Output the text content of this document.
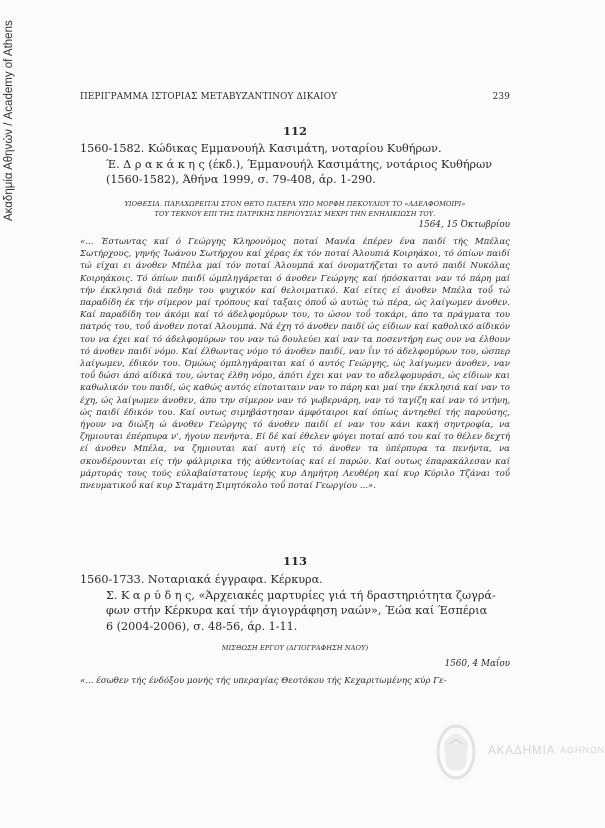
Ακαδημία Αθηνών / Academy of Athens	ΠΕΡΙΓΡΑΜΜΑ ΙΣΤΟΡΙΑΣ ΜΕΤΑΒΥΖΑΝΤΙΝΟΥ ΔΙΚΑΙΟΥ	239
112
1560-1582. Κώδικας Εμμανουήλ Κασιμάτη, νοταρίου Κυθήρων.
Έ. Δ ρ α κ ά κ η ς (έκδ.), Έμμανουήλ Κασιμάτης, νοτάριος Κυθήρων
(1560-1582), Άθήνα 1999, σ. 79-408, άρ. 1-290.
ΥΙΟΘΕΣΙΑ. ΠΑΡΑΧΩΡΕΙΤΑΙ ΣΤΟΝ ΘΕΤΟ ΠΑΤΕΡΑ ΥΠΟ ΜΟΡΦΗ ΠΕΚΟΥΛΙΟΥ ΤΟ «ΑΔΕΛΦΟΜΟΙΡΙ»
ΤΟΥ ΤΕΚΝΟΥ ΕΠΙ ΤΗΣ ΠΑΤΡΙΚΗΣ ΠΕΡΙΟΥΣΙΑΣ ΜΕΧΡΙ ΤΗΝ ΕΝΗΛΙΚΙΩΣΗ ΤΟΥ.
1564, 15 Όκτωβρίου
«... Έστωντας καί ό Γεώργης Κληρονόμος ποταί Μανέα έπέρεν ένα παιδί τής Μπέλας Σωτήρχους, γηνής Ίωάνου Σωτήρχου καί χέρας έκ τόν ποταί Άλουπιά Κοιρηάκοι, τό όπίων παιδί τώ είχαι ει άνοθεν Μπέλα μαί τόν ποταί Άλουμπά καί όνοματήζεται το αυτό παιδί Νυκόλας Κοιρηάκοις. Τό όπίων παιδί ώμπληγάρεται ό άνοθεν Γεώργης καί ήπόσκαιται ναν τό πάρη μαί τήν έκκλησιά διά πεδην του ψυχικόν καί θελοιματικό. Καί είτες εί άνοθεν Μπέλα τοΰ τώ παραδίδη έκ τήν σίμερον μαί τρόπους καί ταξαις όποΰ ώ αυτώς τώ πέρα, ώς λαίγωμεν άνοθεν. Καί παραδίδη τον άκόμι καί τό άδελφομύρων του, το ώσον τοΰ τοκάρι, άπο τα πράγματα του πατρός του, τοΰ άνοθεν ποταί Άλουμπά. Νά έχη τό άνοθεν παιδί ώς είδιων καί καθολικό αίδικόν του να έχει καί τό άδελφομύρων του ναν τώ δουλεύει καί ναν τα ποσεντήρη εως ουν να έλθουν τό άνοθεν παιδί νόμο. Καί έλθωντας νόμο τό άνοθεν παιδί, ναν ΐιν τό άδελφομύρων του, ώσπερ λαίγωμεν, έδικόν του. Όμώως όμπληγάραιται καί ό αυτός Γεώργης, ώς λαίγωμεν άνοθεν, ναν τοΰ δώσι άπό αίδικά του, ώντας έλθη νόμο, άπότι έχει και ναν το αδελφομυράσι, ώς είδιων και καθωλικόν του παιδί, ώς καθώς αυτός είποταιταιν ναν το πάρη και μαί την έκκλησιά καί ναν το έχη, ώς λαίγωμεν άνοθεν, άπο την σίμερον ναν τό γωβερνάρη, ναν τό ταγίζη καί ναν τό ντήνη, ώς παιδί έδικόν του. Καί ουτως σιμηβάστησαν άμφόταιροι καί όπίως άντηεθεί τής παρούσης, ήγουν να διώξη ώ άνοθεν Γεώργης τό άνοθεν παιδί εί ναν του κάνι κακή σηντροφία, να ζημιουται έπέρπυρα ν', ήγουν πενήντα. Εί δέ καί έθελεν φύγει ποταί από του καί το θέλεν δεχτή εί άνοθεν Μπέλα, να ζημιουται καί αυτή είς τό άνοθεν τα ύπέρπυρα τα πενήντα, να σκονδέρουνται είς τήν φάλμιρικα τής αύθεντοίας καί εί παρών. Καί ουτως έπαρακάλεσαν καί μάρτυράς τους τούς εύλαβαίστατους ίερής κυρ Δημήτρη Λευθέρη καί κυρ Κύριλο Τζάναι τοΰ πνευματικοΰ καί κυρ Σταμάτη Σιμητόκολο τοΰ ποταί Γεωργίου ...».
113
1560-1733. Νοταριακά έγγραφα. Κέρκυρα.
Σ. Κ α ρ ύ δ η ς, «Άρχειακές μαρτυρίες γιά τή δραστηριότητα ζωγρά-
φων στήν Κέρκυρα καί τήν άγιογράφηση ναών», Έώα καί Έσπέρια
6 (2004-2006), σ. 48-56, άρ. 1-11.
ΜΙΣΘΩΣΗ ΕΡΓΟΥ (ΑΓΙΟΓΡΑΦΗΣΗ ΝΑΟΥ)
1560, 4 Μαΐου
«... έσωθεν τής ένδόξου μονής τής υπεραγίας Θεοτόκου τής Κεχαριτωμένης κύρ Γε-
ΑΚΑΔΗΜΙΑ ΑΘΗΝΩΝ
